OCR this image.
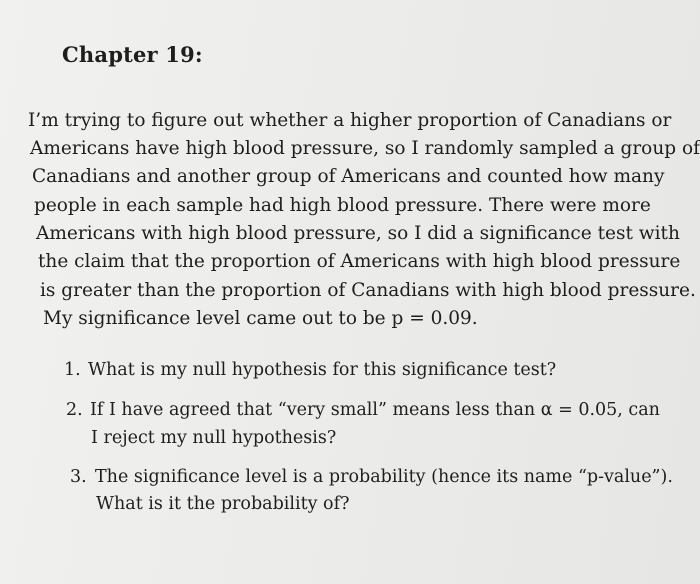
Chapter 19:
I’m trying to figure out whether a higher proportion of Canadians or
Americans have high blood pressure, so I randomly sampled a group of
Canadians and another group of Americans and counted how many
people in each sample had high blood pressure. There were more
Americans with high blood pressure, so I did a significance test with
the claim that the proportion of Americans with high blood pressure
is greater than the proportion of Canadians with high blood pressure.
My significance level came out to be p = 0.09.
1. What is my null hypothesis for this significance test?
2. If I have agreed that “very small” means less than α = 0.05, can
I reject my null hypothesis?
3. The significance level is a probability (hence its name “p-value”).
What is it the probability of?
